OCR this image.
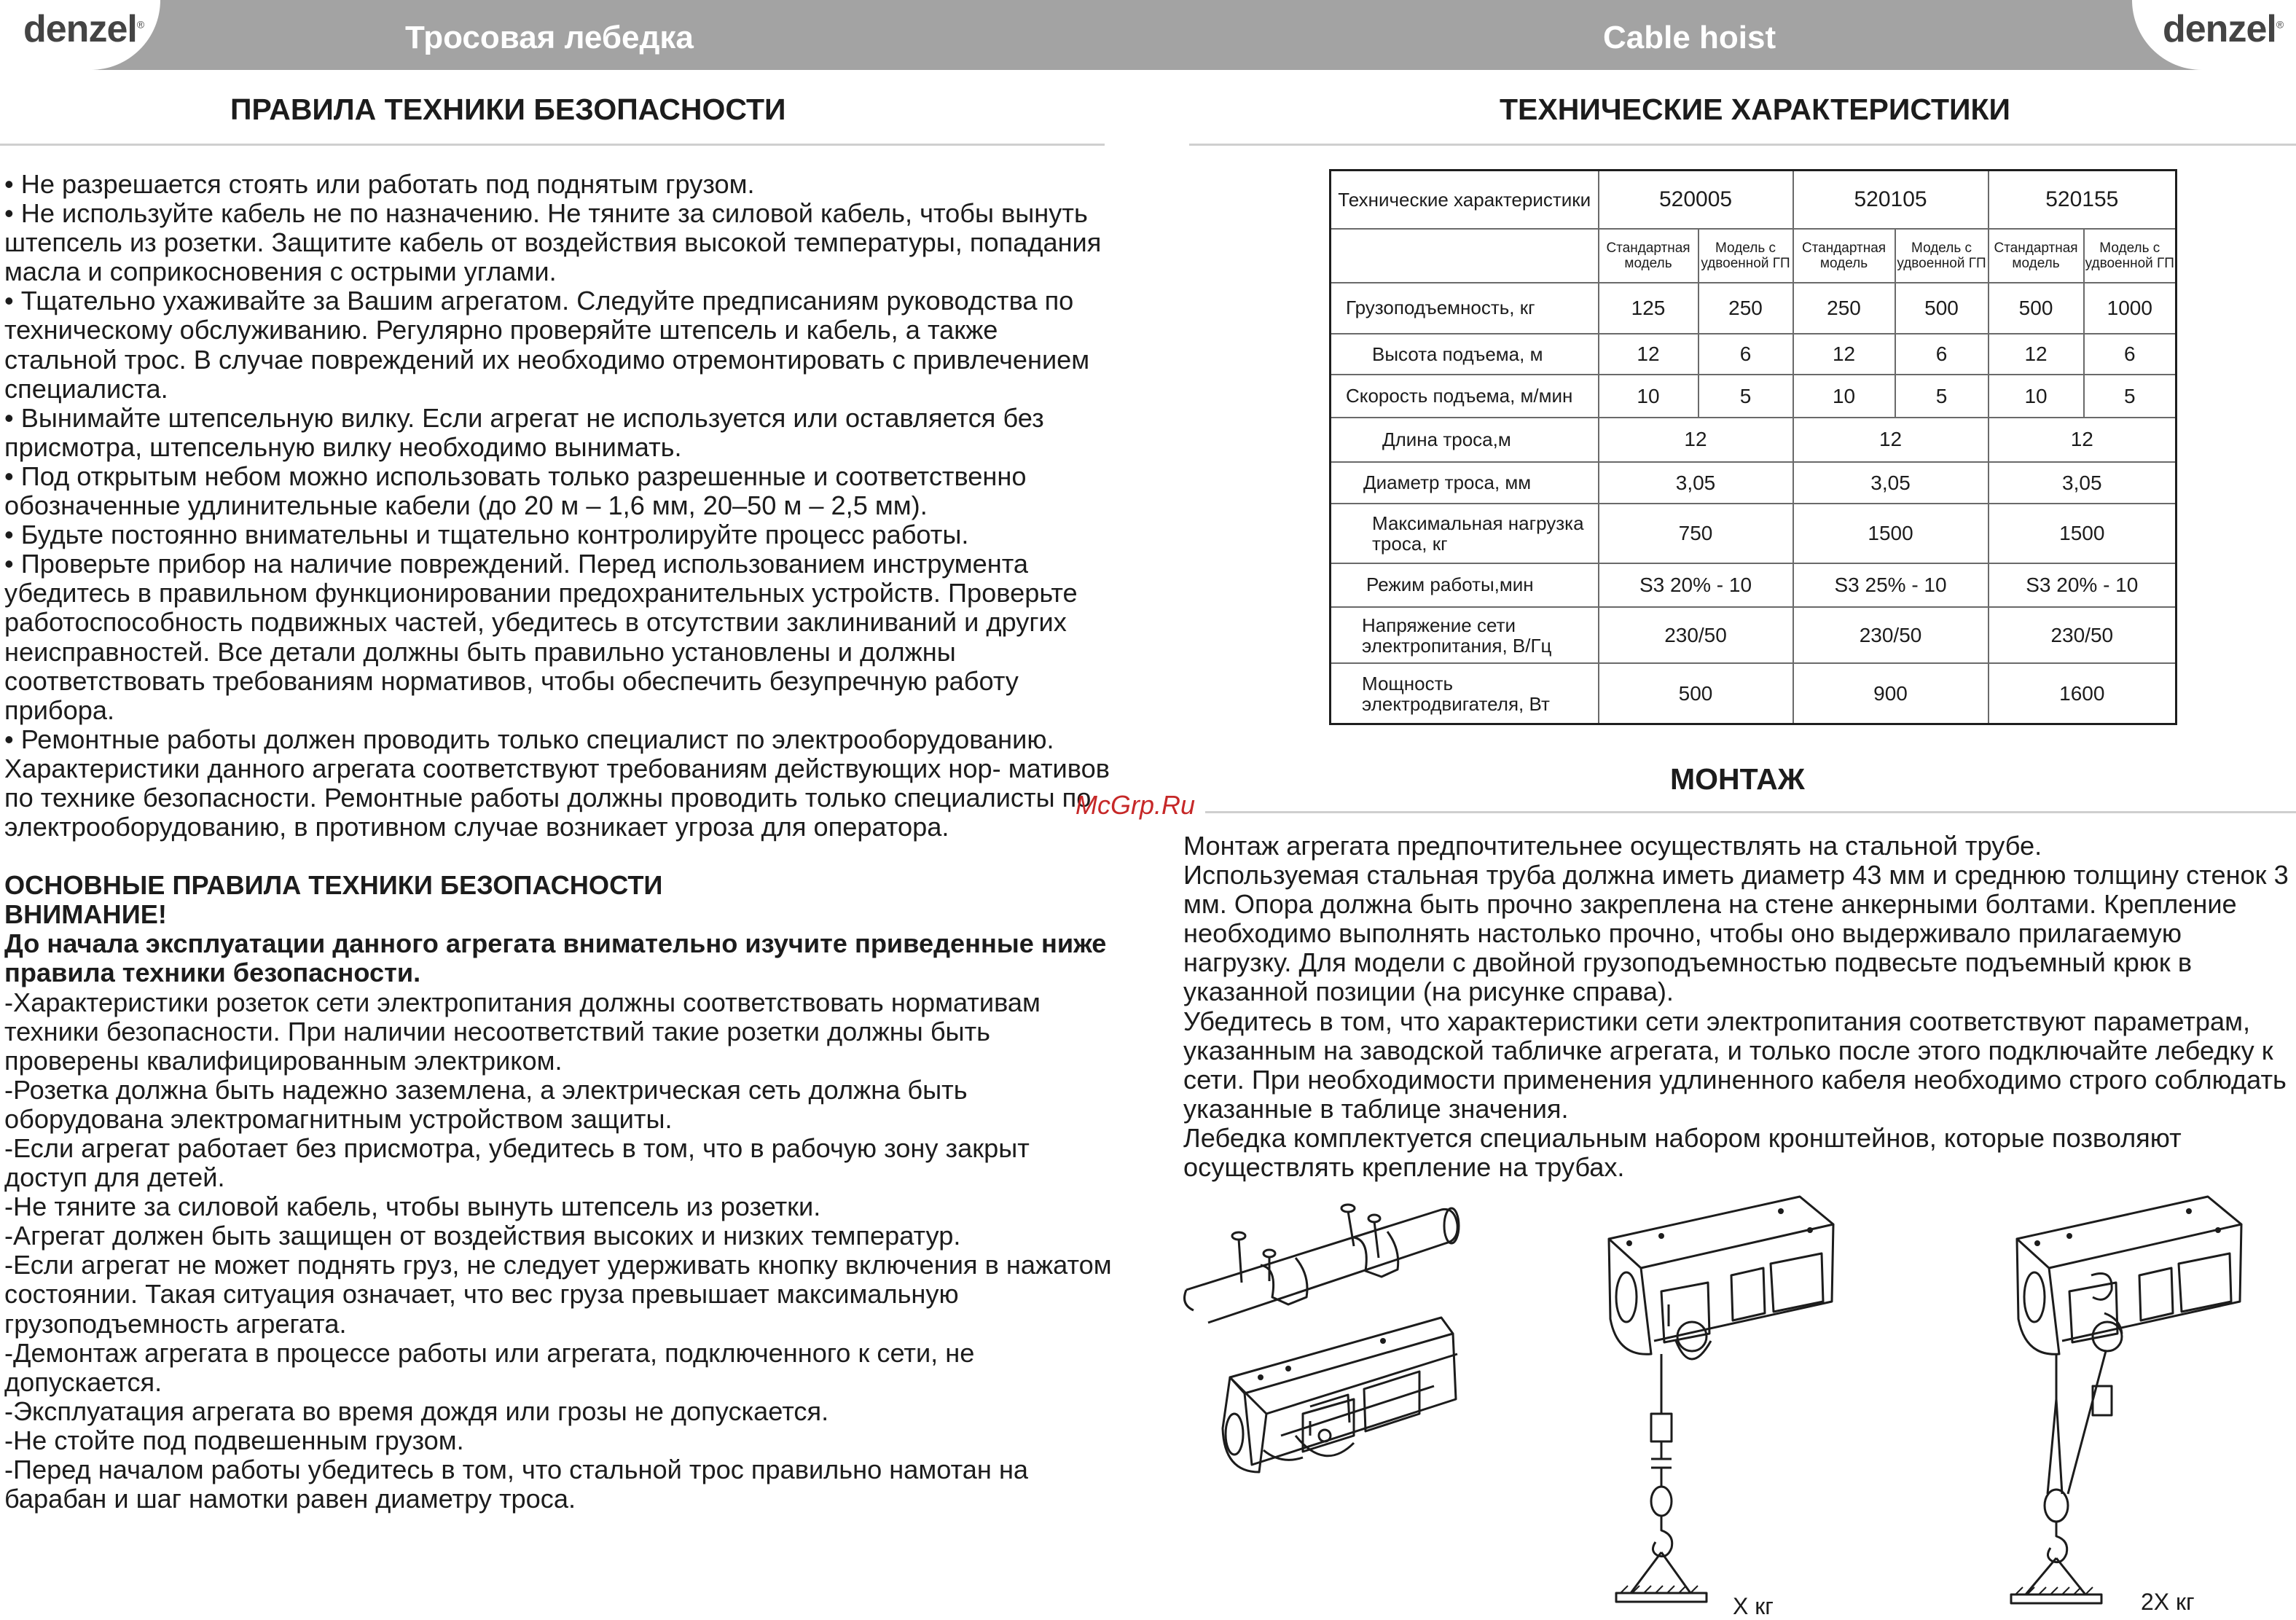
denzel®	denzel®
Тросовая лебедка	Cable hoist
ПРАВИЛА ТЕХНИКИ БЕЗОПАСНОСТИ

• Не разрешается стоять или работать под поднятым грузом.

• Не используйте кабель не по назначению. Не тяните за силовой кабель, чтобы вынуть штепсель из розетки. Защитите кабель от воздействия высокой температуры, попадания масла и соприкосновения с острыми углами.

• Тщательно ухаживайте за Вашим агрегатом. Следуйте предписаниям руководства по техническому обслуживанию. Регулярно проверяйте штепсель и кабель, а также стальной трос. В случае повреждений их необходимо отремонтировать с привлечением специалиста.

• Вынимайте штепсельную вилку. Если агрегат не используется или оставляется без присмотра, штепсельную вилку необходимо вынимать.

• Под открытым небом можно использовать только разрешенные и соответственно обозначенные удлинительные кабели (до 20 м – 1,6 мм, 20–50 м – 2,5 мм).

• Будьте постоянно внимательны и тщательно контролируйте процесс работы.

• Проверьте прибор на наличие повреждений. Перед использованием инструмента убедитесь в правильном функционировании предохранительных устройств. Проверьте работоспособность подвижных частей, убедитесь в отсутствии заклиниваний и других неисправностей. Все детали должны быть правильно установлены и должны соответствовать требованиям нормативов, чтобы обеспечить безупречную работу прибора.

• Ремонтные работы должен проводить только специалист по электрооборудованию. Характеристики данного агрегата соответствуют требованиям действующих нор- мативов по технике безопасности. Ремонтные работы должны проводить только специалисты по электрооборудованию, в противном случае возникает угроза для оператора.

ОСНОВНЫЕ ПРАВИЛА ТЕХНИКИ БЕЗОПАСНОСТИ

ВНИМАНИЕ!

До начала эксплуатации данного агрегата внимательно изучите приведенные ниже правила техники безопасности.

-Характеристики розеток сети электропитания должны соответствовать нормативам техники безопасности. При наличии несоответствий такие розетки должны быть проверены квалифицированным электриком.

-Розетка должна быть надежно заземлена, а электрическая сеть должна быть оборудована электромагнитным устройством защиты.

-Если агрегат работает без присмотра, убедитесь в том, что в рабочую зону закрыт доступ для детей.

-Не тяните за силовой кабель, чтобы вынуть штепсель из розетки.

-Агрегат должен быть защищен от воздействия высоких и низких температур.

-Если агрегат не может поднять груз, не следует удерживать кнопку включения в нажатом состоянии. Такая ситуация означает, что вес груза превышает максимальную грузоподъемность агрегата.

-Демонтаж агрегата в процессе работы или агрегата, подключенного к сети, не допускается.

-Эксплуатация агрегата во время дождя или грозы не допускается.

-Не стойте под подвешенным грузом.

-Перед началом работы убедитесь в том, что стальной трос правильно намотан на барабан и шаг намотки равен диаметру троса.

ТЕХНИЧЕСКИЕ ХАРАКТЕРИСТИКИ
Технические характеристики	520005		520105		520155	
	Стандартная модель	Модель с удвоенной ГП	Стандартная модель	Модель с удвоенной ГП	Стандартная модель	Модель с удвоенной ГП
Грузоподъемность, кг	125	250	250	500	500	1000
Высота подъема, м	12	6	12	6	12	6
Скорость подъема, м/мин	10	5	10	5	10	5
Длина троса,м	12		12		12	
Диаметр троса, мм	3,05		3,05		3,05	
Максимальная нагрузка троса, кг	750		1500		1500	
Режим работы,мин	S3 20% - 10		S3 25% - 10		S3 20% - 10	
Напряжение сети электропитания, В/Гц	230/50		230/50		230/50	
Мощность электродвигателя, Вт	500		900		1600	
МОНТАЖ
McGrp.Ru

Монтаж агрегата предпочтительнее осуществлять на стальной трубе.

Используемая стальная труба должна иметь диаметр 43 мм и среднюю толщину стенок 3 мм. Опора должна быть прочно закреплена на стене анкерными болтами. Крепление необходимо выполнять настолько прочно, чтобы оно выдерживало прилагаемую нагрузку. Для модели с двойной грузоподъемностью подвесьте подъемный крюк в указанной позиции (на рисунке справа).

Убедитесь в том, что характеристики сети электропитания соответствуют параметрам, указанным на заводской табличке агрегата, и только после этого подключайте лебедку к сети. При необходимости применения удлиненного кабеля необходимо строго соблюдать указанные в таблице значения.

Лебедка комплектуется специальным набором кронштейнов, которые позволяют осуществлять крепление на трубах.

X кг	2X кг
